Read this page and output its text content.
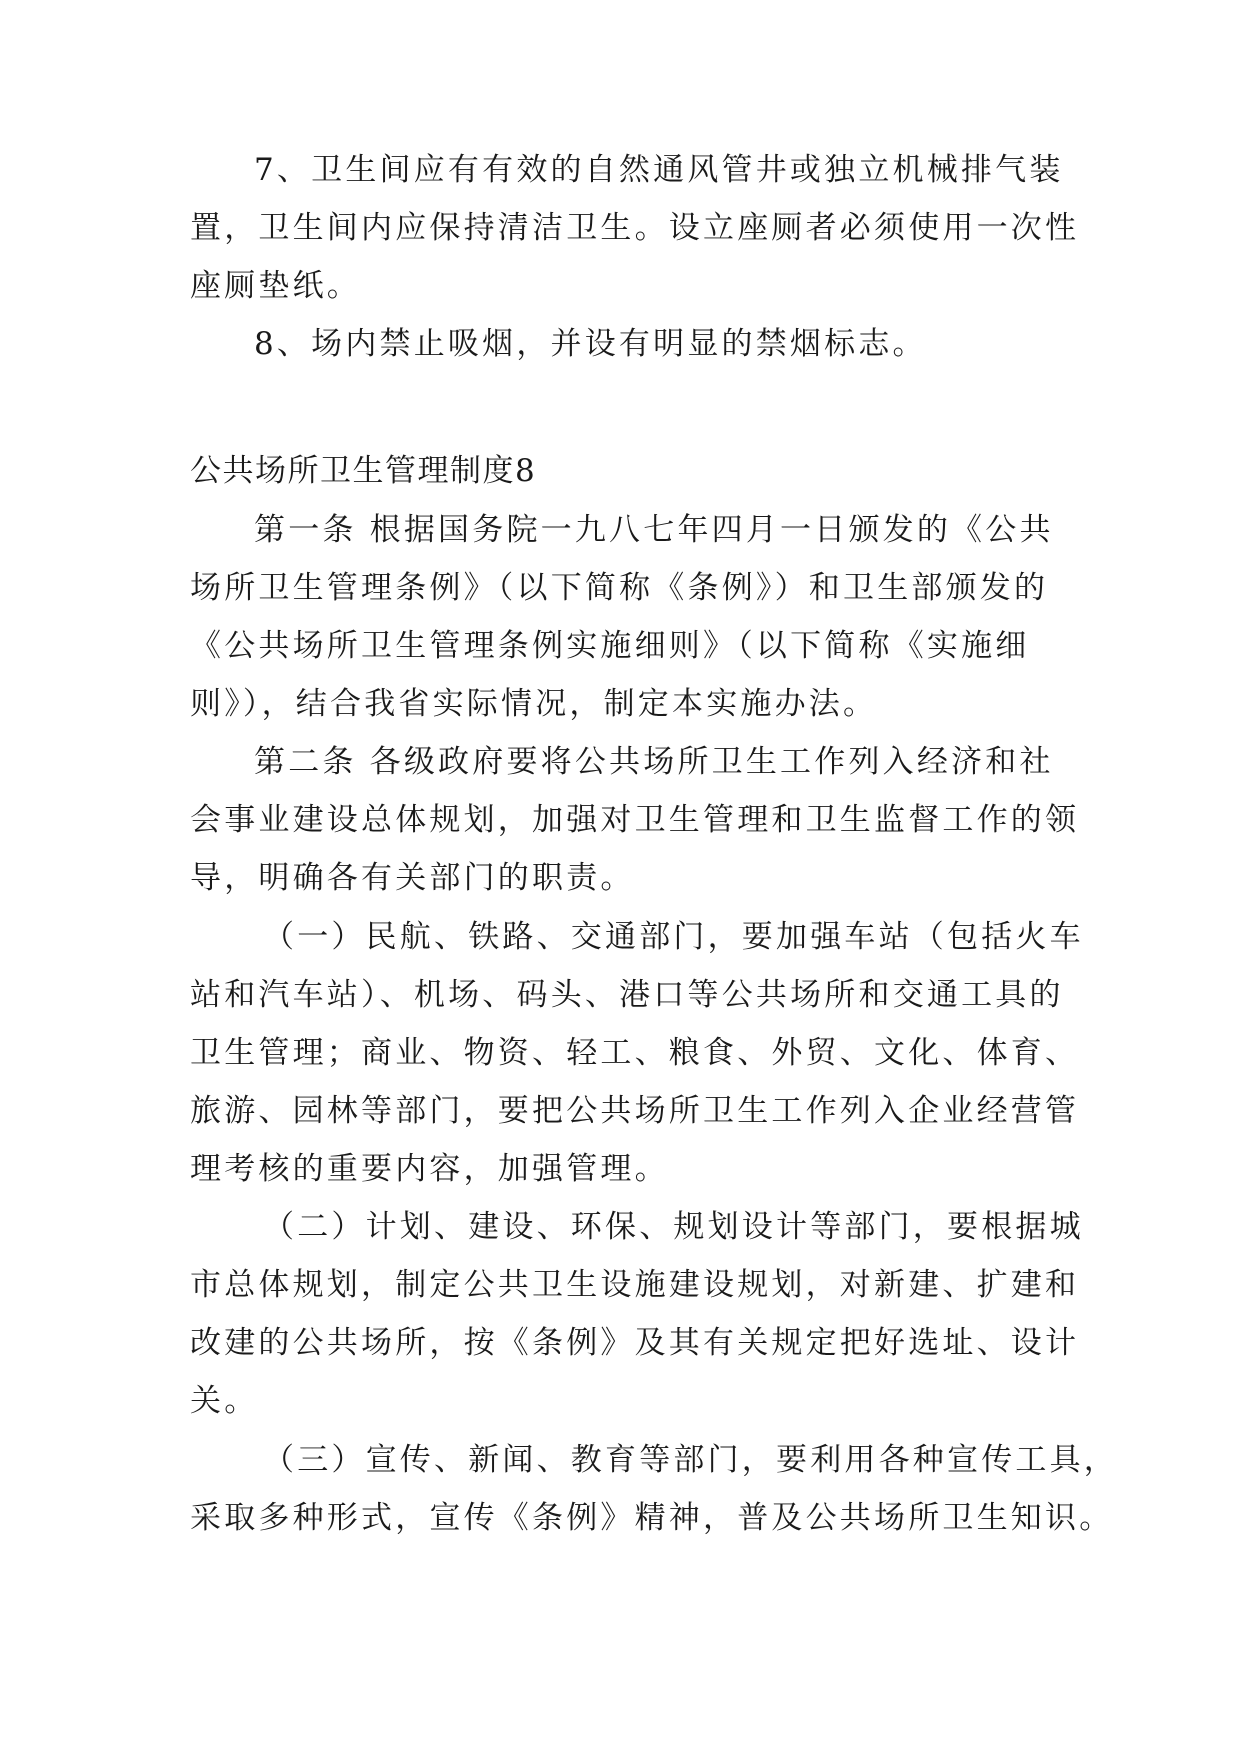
7、卫生间应有有效的自然通风管井或独立机械排气装
置，卫生间内应保持清洁卫生。设立座厕者必须使用一次性
座厕垫纸。
8、场内禁止吸烟，并设有明显的禁烟标志。
公共场所卫生管理制度8
第一条 根据国务院一九八七年四月一日颁发的《公共
场所卫生管理条例》（以下简称《条例》）和卫生部颁发的
《公共场所卫生管理条例实施细则》（以下简称《实施细
则》），结合我省实际情况，制定本实施办法。
第二条 各级政府要将公共场所卫生工作列入经济和社
会事业建设总体规划，加强对卫生管理和卫生监督工作的领
导，明确各有关部门的职责。
（一）民航、铁路、交通部门，要加强车站（包括火车
站和汽车站）、机场、码头、港口等公共场所和交通工具的
卫生管理；商业、物资、轻工、粮食、外贸、文化、体育、
旅游、园林等部门，要把公共场所卫生工作列入企业经营管
理考核的重要内容，加强管理。
（二）计划、建设、环保、规划设计等部门，要根据城
市总体规划，制定公共卫生设施建设规划，对新建、扩建和
改建的公共场所，按《条例》及其有关规定把好选址、设计
关。
（三）宣传、新闻、教育等部门，要利用各种宣传工具，
采取多种形式，宣传《条例》精神，普及公共场所卫生知识。
